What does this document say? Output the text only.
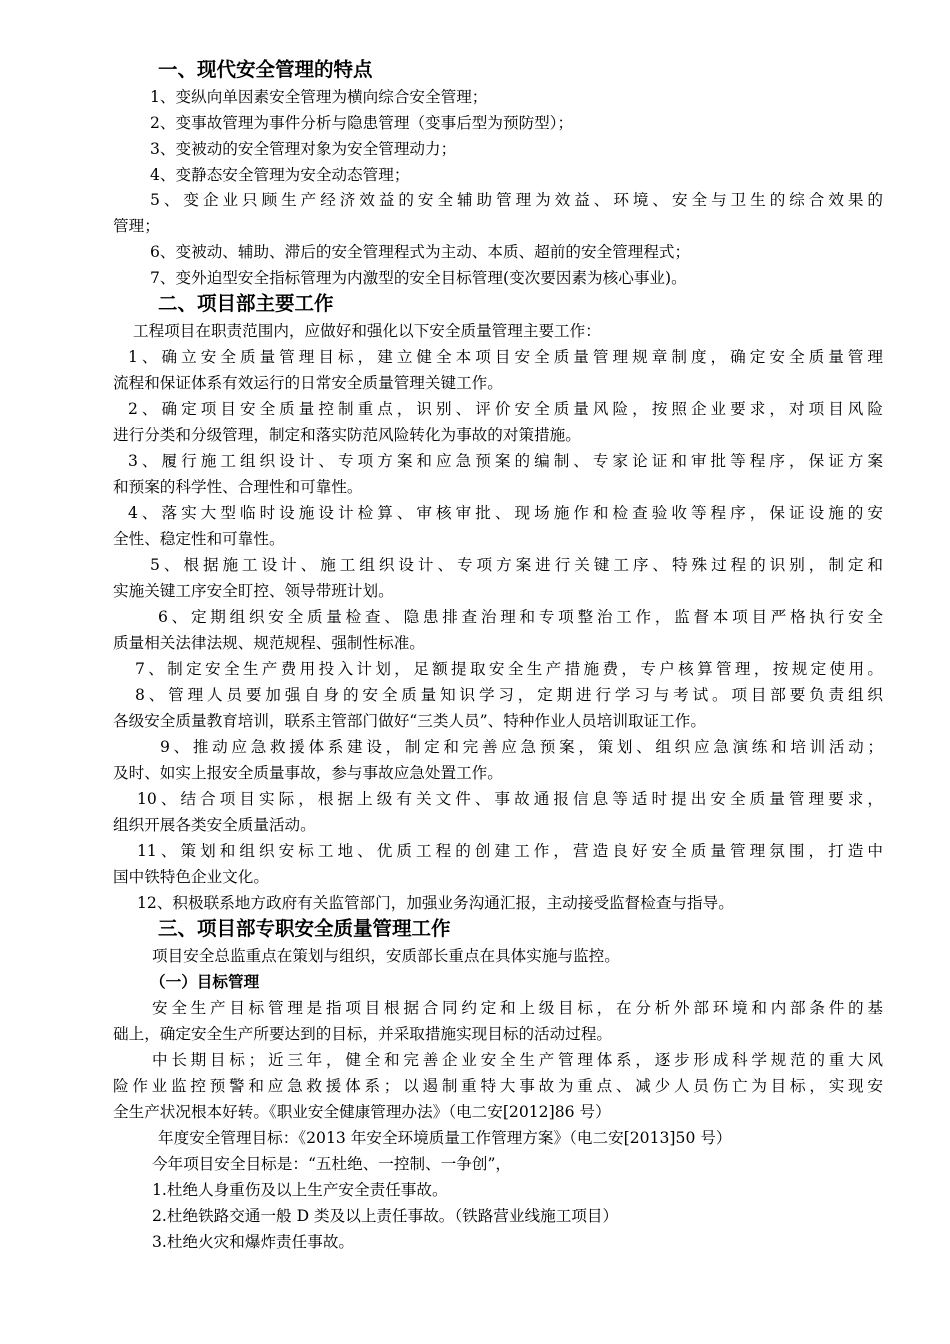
一、现代安全管理的特点
1、变纵向单因素安全管理为横向综合安全管理；
2、变事故管理为事件分析与隐患管理（变事后型为预防型）；
3、变被动的安全管理对象为安全管理动力；
4、变静态安全管理为安全动态管理；
5、变企业只顾生产经济效益的安全辅助管理为效益、环境、安全与卫生的综合效果的
管理；
6、变被动、辅助、滞后的安全管理程式为主动、本质、超前的安全管理程式；
7、变外迫型安全指标管理为内激型的安全目标管理(变次要因素为核心事业)。
二、项目部主要工作
工程项目在职责范围内，应做好和强化以下安全质量管理主要工作：
1、确立安全质量管理目标，建立健全本项目安全质量管理规章制度，确定安全质量管理
流程和保证体系有效运行的日常安全质量管理关键工作。
2、确定项目安全质量控制重点，识别、评价安全质量风险，按照企业要求，对项目风险
进行分类和分级管理，制定和落实防范风险转化为事故的对策措施。
3、履行施工组织设计、专项方案和应急预案的编制、专家论证和审批等程序，保证方案
和预案的科学性、合理性和可靠性。
4、落实大型临时设施设计检算、审核审批、现场施作和检查验收等程序，保证设施的安
全性、稳定性和可靠性。
5、根据施工设计、施工组织设计、专项方案进行关键工序、特殊过程的识别，制定和
实施关键工序安全盯控、领导带班计划。
6、定期组织安全质量检查、隐患排查治理和专项整治工作，监督本项目严格执行安全
质量相关法律法规、规范规程、强制性标准。
7、制定安全生产费用投入计划，足额提取安全生产措施费，专户核算管理，按规定使用。
8、管理人员要加强自身的安全质量知识学习，定期进行学习与考试。项目部要负责组织
各级安全质量教育培训，联系主管部门做好“三类人员”、特种作业人员培训取证工作。
9、推动应急救援体系建设，制定和完善应急预案，策划、组织应急演练和培训活动；
及时、如实上报安全质量事故，参与事故应急处置工作。
10、结合项目实际，根据上级有关文件、事故通报信息等适时提出安全质量管理要求，
组织开展各类安全质量活动。
11、策划和组织安标工地、优质工程的创建工作，营造良好安全质量管理氛围，打造中
国中铁特色企业文化。
12、积极联系地方政府有关监管部门，加强业务沟通汇报，主动接受监督检查与指导。
三、项目部专职安全质量管理工作
项目安全总监重点在策划与组织，安质部长重点在具体实施与监控。
（一）目标管理
安全生产目标管理是指项目根据合同约定和上级目标，在分析外部环境和内部条件的基
础上，确定安全生产所要达到的目标，并采取措施实现目标的活动过程。
中长期目标；近三年，健全和完善企业安全生产管理体系，逐步形成科学规范的重大风
险作业监控预警和应急救援体系；以遏制重特大事故为重点、减少人员伤亡为目标，实现安
全生产状况根本好转。《职业安全健康管理办法》（电二安[2012]86 号）
年度安全管理目标：《2013 年安全环境质量工作管理方案》（电二安[2013]50 号）
今年项目安全目标是：“五杜绝、一控制、一争创”，
1.杜绝人身重伤及以上生产安全责任事故。
2.杜绝铁路交通一般 D 类及以上责任事故。（铁路营业线施工项目）
3.杜绝火灾和爆炸责任事故。
